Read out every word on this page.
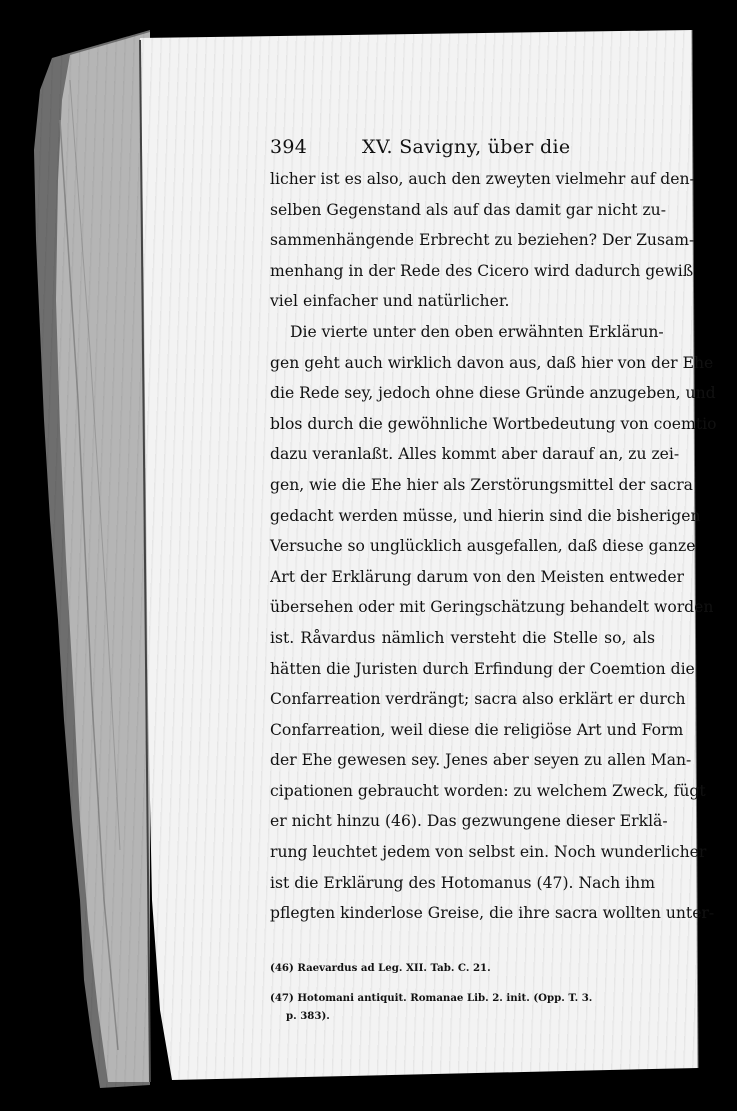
394	XV. Savigny, über die
licher ist es also, auch den zweyten vielmehr auf den-
selben Gegenstand als auf das damit gar nicht zu-
sammenhängende Erbrecht zu beziehen? Der Zusam-
menhang in der Rede des Cicero wird dadurch gewiß
viel einfacher und natürlicher.
Die vierte unter den oben erwähnten Erklärun-
gen geht auch wirklich davon aus, daß hier von der Ehe
die Rede sey, jedoch ohne diese Gründe anzugeben, und
blos durch die gewöhnliche Wortbedeutung von coemtio
dazu veranlaßt. Alles kommt aber darauf an, zu zei-
gen, wie die Ehe hier als Zerstörungsmittel der sacra
gedacht werden müsse, und hierin sind die bisherigen
Versuche so unglücklich ausgefallen, daß diese ganze
Art der Erklärung darum von den Meisten entweder
übersehen oder mit Geringschätzung behandelt worden
ist. Råvardus nämlich versteht die Stelle so, als
hätten die Juristen durch Erfindung der Coemtion die
Confarreation verdrängt; sacra also erklärt er durch
Confarreation, weil diese die religiöse Art und Form
der Ehe gewesen sey. Jenes aber seyen zu allen Man-
cipationen gebraucht worden: zu welchem Zweck, fügt
er nicht hinzu (46). Das gezwungene dieser Erklä-
rung leuchtet jedem von selbst ein. Noch wunderlicher
ist die Erklärung des Hotomanus (47). Nach ihm
pflegten kinderlose Greise, die ihre sacra wollten unter-
(46) Raevardus ad Leg. XII. Tab. C. 21.
(47) Hotomani antiquit. Romanae Lib. 2. init. (Opp. T. 3.
p. 383).
